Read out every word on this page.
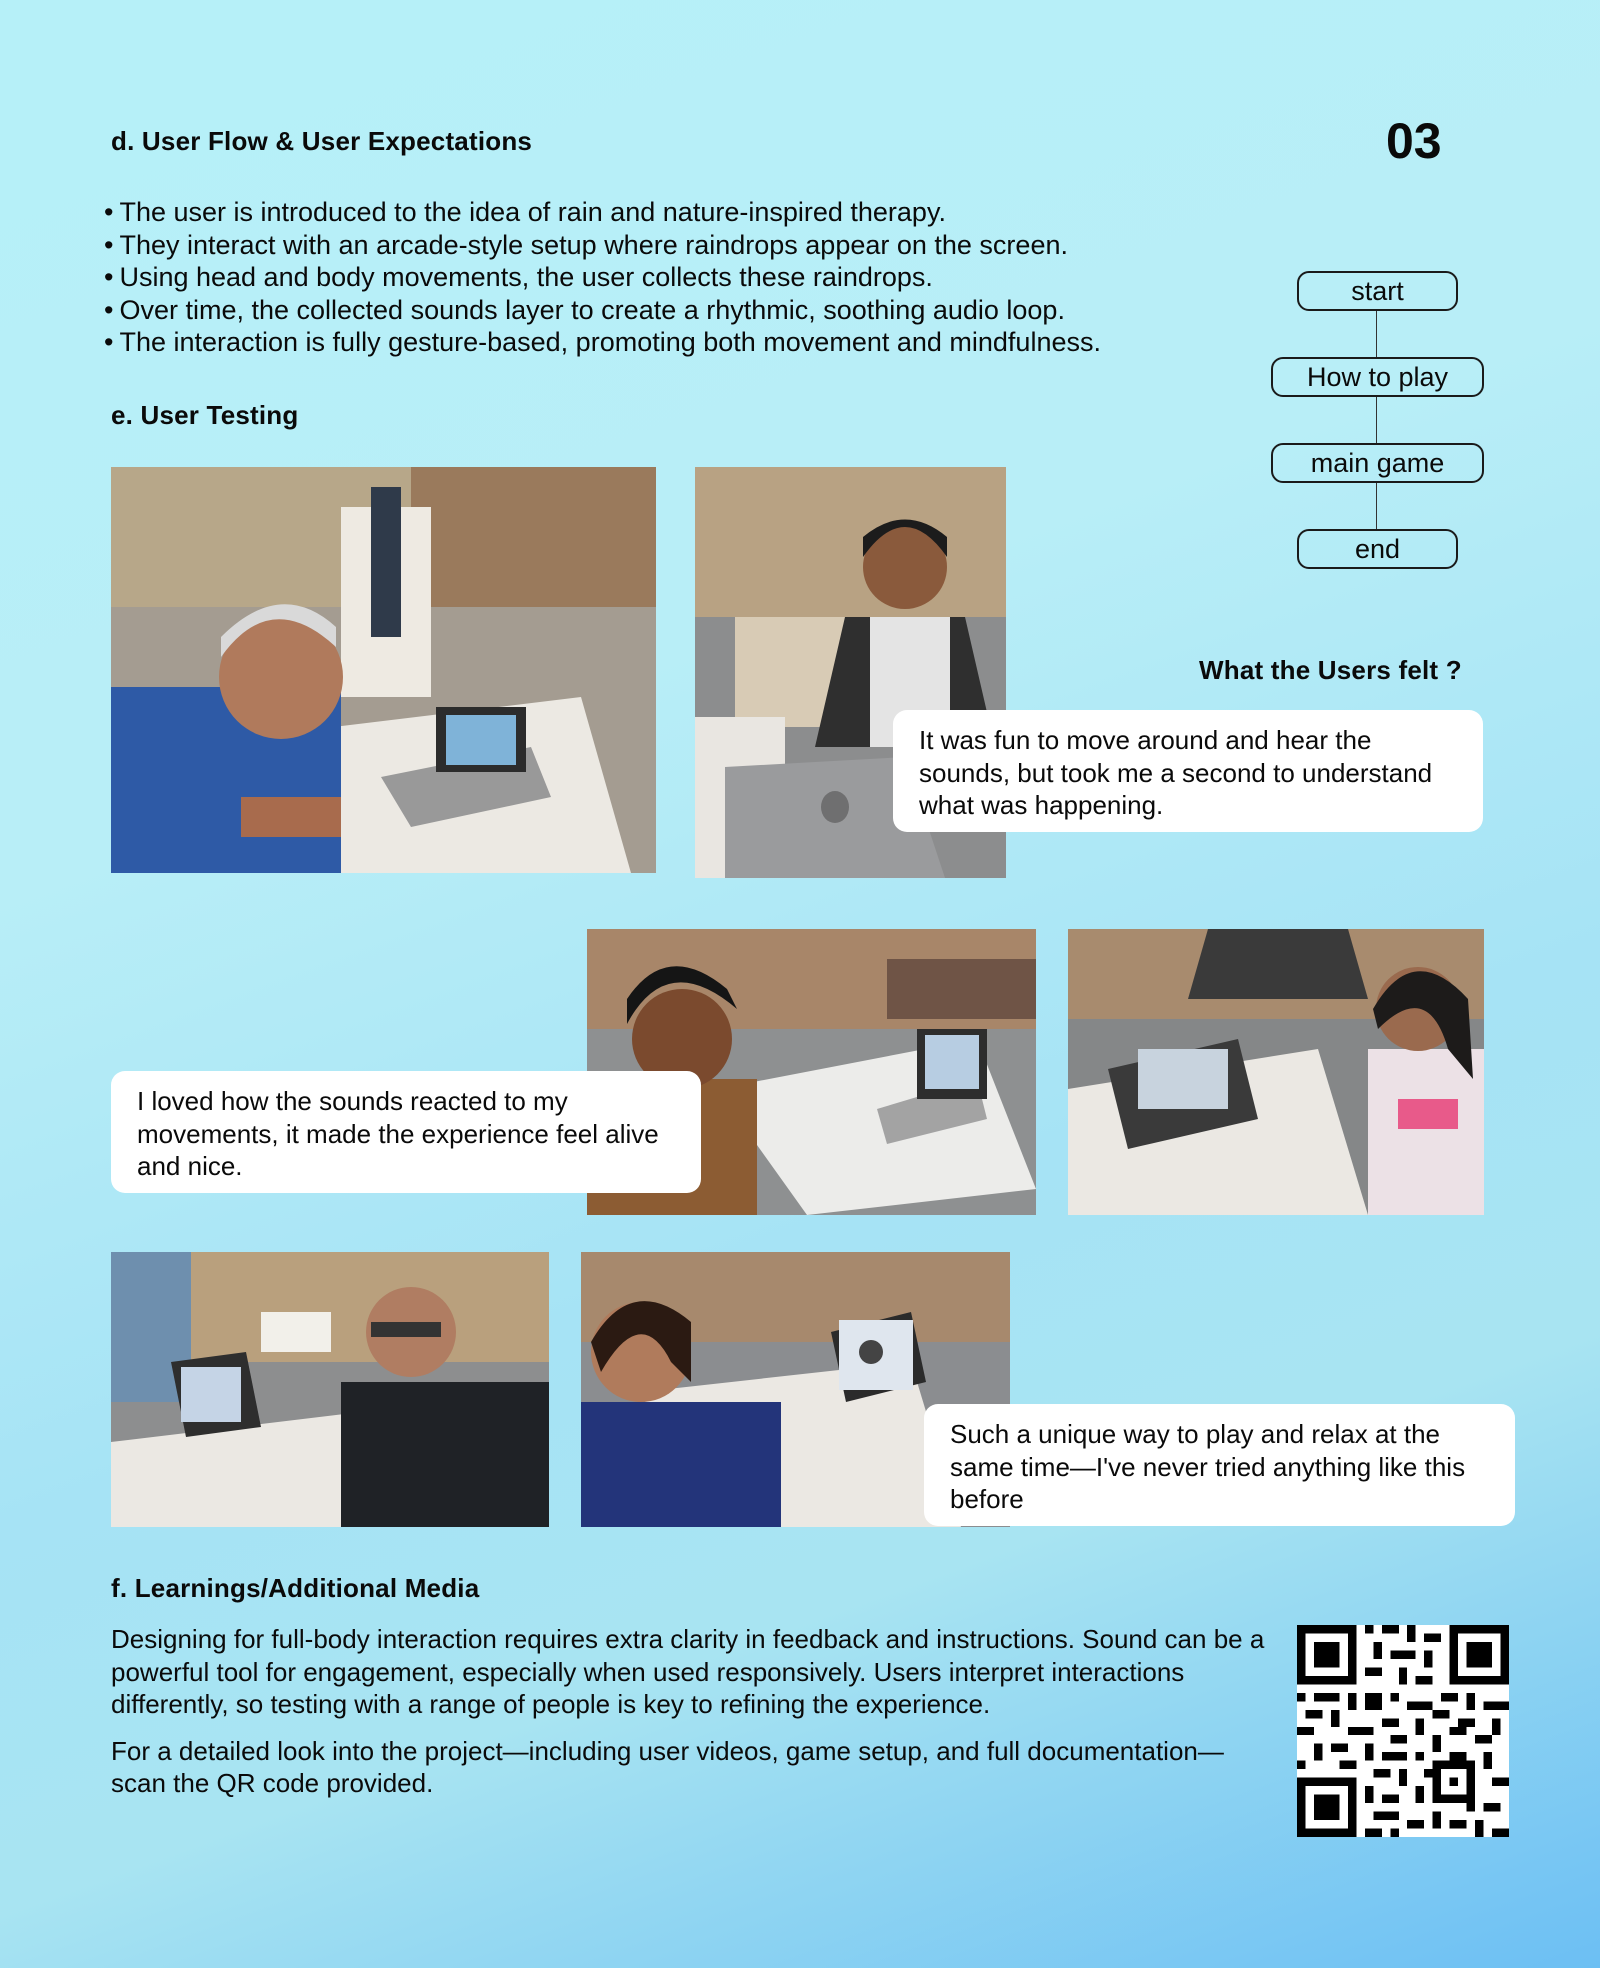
d. User Flow & User Expectations	03
• The user is introduced to the idea of rain and nature-inspired therapy.
• They interact with an arcade-style setup where raindrops appear on the screen.
• Using head and body movements, the user collects these raindrops.
• Over time, the collected sounds layer to create a rhythmic, soothing audio loop.
• The interaction is fully gesture-based, promoting both movement and mindfulness.
start
How to play
main game
end
e. User Testing
What the Users felt ?
It was fun to move around and hear the sounds, but took me a second to understand what was happening.
I loved how the sounds reacted to my movements, it made the experience feel alive and nice.
Such a unique way to play and relax at the same time—I've never tried anything like this before
f. Learnings/Additional Media

Designing for full-body interaction requires extra clarity in feedback and instructions. Sound can be a powerful tool for engagement, especially when used responsively. Users interpret interactions differently, so testing with a range of people is key to refining the experience.

For a detailed look into the project—including user videos, game setup, and full documentation—scan the QR code provided.
